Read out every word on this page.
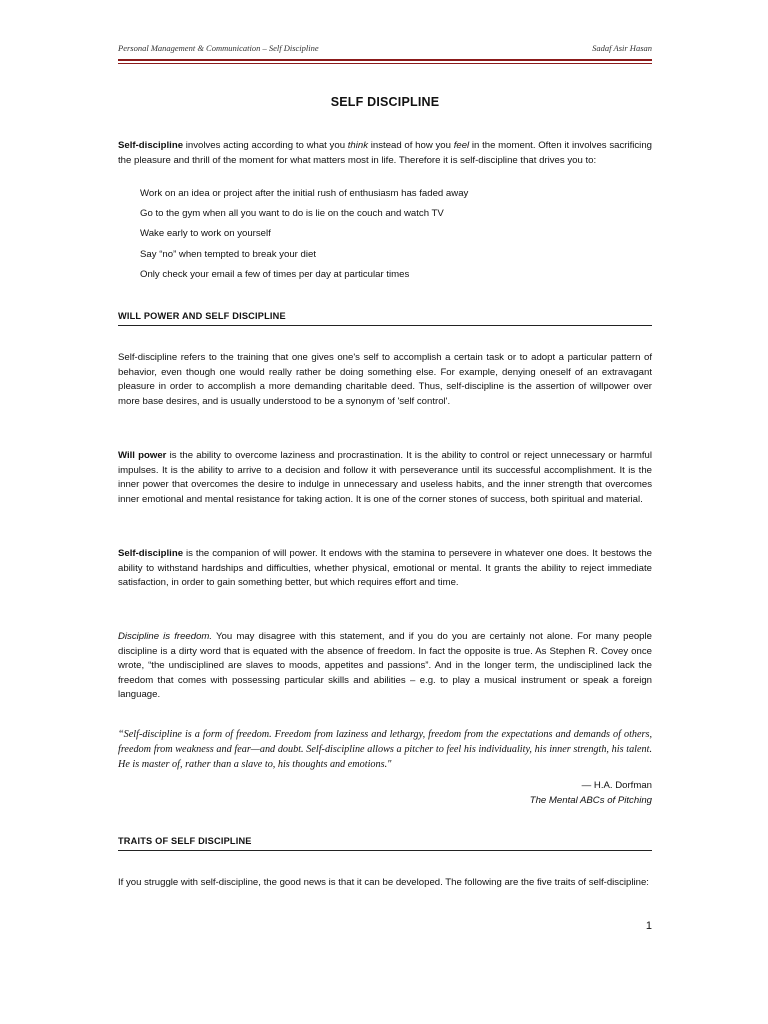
Personal Management & Communication – Self Discipline	Sadaf Asir Hasan
SELF DISCIPLINE

Self-discipline involves acting according to what you think instead of how you feel in the moment. Often it involves sacrificing the pleasure and thrill of the moment for what matters most in life. Therefore it is self-discipline that drives you to:

Work on an idea or project after the initial rush of enthusiasm has faded away
Go to the gym when all you want to do is lie on the couch and watch TV
Wake early to work on yourself
Say “no” when tempted to break your diet
Only check your email a few of times per day at particular times
WILL POWER AND SELF DISCIPLINE

Self-discipline refers to the training that one gives one's self to accomplish a certain task or to adopt a particular pattern of behavior, even though one would really rather be doing something else. For example, denying oneself of an extravagant pleasure in order to accomplish a more demanding charitable deed. Thus, self-discipline is the assertion of willpower over more base desires, and is usually understood to be a synonym of 'self control'.

Will power is the ability to overcome laziness and procrastination. It is the ability to control or reject unnecessary or harmful impulses. It is the ability to arrive to a decision and follow it with perseverance until its successful accomplishment. It is the inner power that overcomes the desire to indulge in unnecessary and useless habits, and the inner strength that overcomes inner emotional and mental resistance for taking action. It is one of the corner stones of success, both spiritual and material.

Self-discipline is the companion of will power. It endows with the stamina to persevere in whatever one does. It bestows the ability to withstand hardships and difficulties, whether physical, emotional or mental. It grants the ability to reject immediate satisfaction, in order to gain something better, but which requires effort and time.

Discipline is freedom. You may disagree with this statement, and if you do you are certainly not alone. For many people discipline is a dirty word that is equated with the absence of freedom. In fact the opposite is true. As Stephen R. Covey once wrote, “the undisciplined are slaves to moods, appetites and passions”. And in the longer term, the undisciplined lack the freedom that comes with possessing particular skills and abilities – e.g. to play a musical instrument or speak a foreign language.

“Self-discipline is a form of freedom. Freedom from laziness and lethargy, freedom from the expectations and demands of others, freedom from weakness and fear—and doubt. Self-discipline allows a pitcher to feel his individuality, his inner strength, his talent. He is master of, rather than a slave to, his thoughts and emotions."

— H.A. Dorfman
The Mental ABCs of Pitching
TRAITS OF SELF DISCIPLINE

If you struggle with self-discipline, the good news is that it can be developed. The following are the five traits of self-discipline:

1
